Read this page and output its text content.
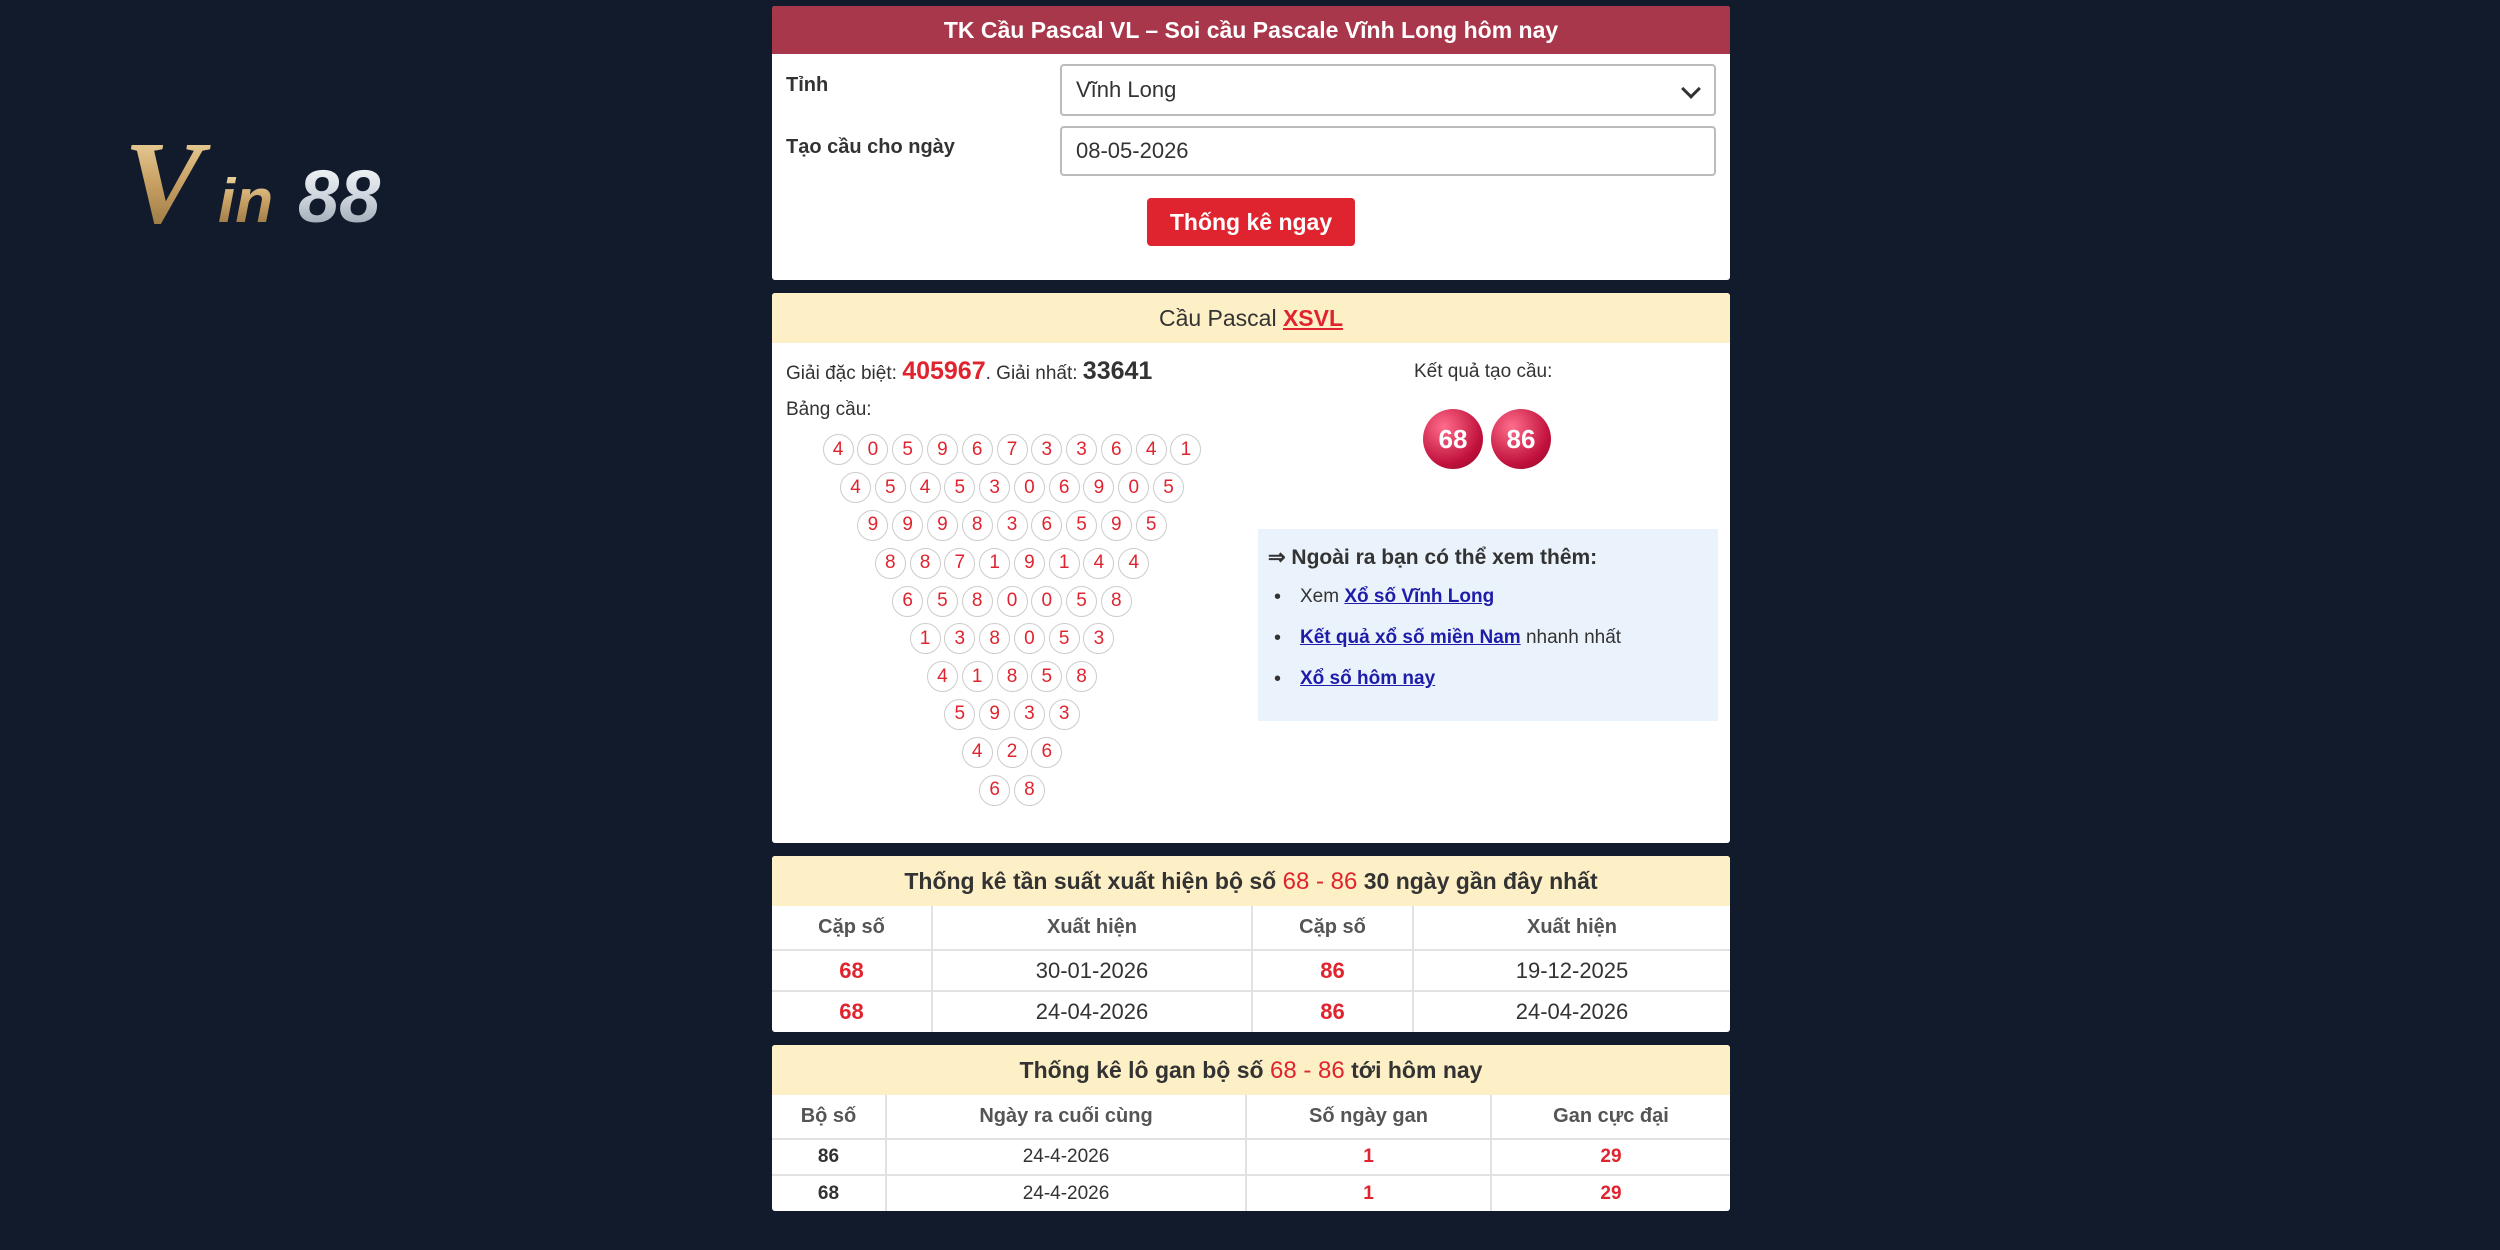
V in 88
TK Cầu Pascal VL – Soi cầu Pascale Vĩnh Long hôm nay
Tỉnh	Vĩnh Long
Tạo cầu cho ngày	08-05-2026
Thống kê ngay
Cầu Pascal XSVL
Giải đặc biệt: 405967. Giải nhất: 33641
Bảng cầu:
4	0	5	9	6	7	3	3	6	4	1
4	5	4	5	3	0	6	9	0	5
9	9	9	8	3	6	5	9	5
8	8	7	1	9	1	4	4
6	5	8	0	0	5	8
1	3	8	0	5	3
4	1	8	5	8
5	9	3	3
4	2	6
6	8
Kết quả tạo cầu:
68	86
⇒ Ngoài ra bạn có thể xem thêm:
• Xem Xổ số Vĩnh Long
• Kết quả xổ số miền Nam nhanh nhất
• Xổ số hôm nay
Thống kê tần suất xuất hiện bộ số 68 - 86 30 ngày gần đây nhất
Cặp số	Xuất hiện	Cặp số	Xuất hiện
68	30-01-2026	86	19-12-2025
68	24-04-2026	86	24-04-2026
Thống kê lô gan bộ số 68 - 86 tới hôm nay
Bộ số	Ngày ra cuối cùng	Số ngày gan	Gan cực đại
86	24-4-2026	1	29
68	24-4-2026	1	29
